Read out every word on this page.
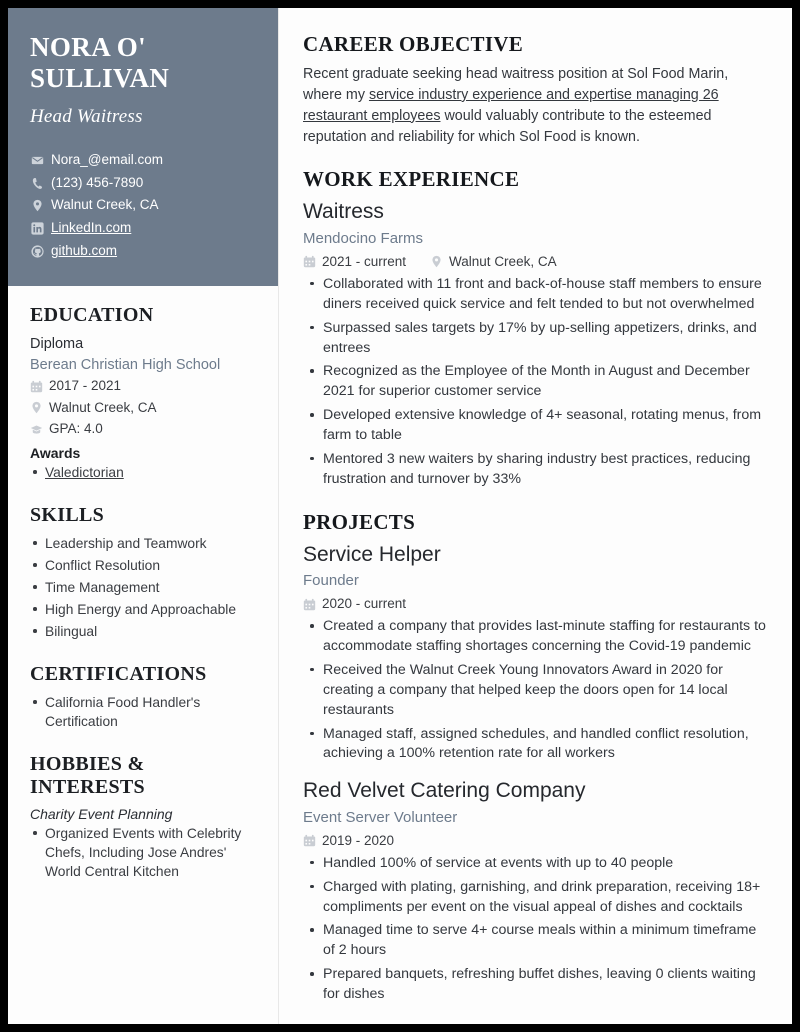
NORA O' SULLIVAN
Head Waitress
Nora_@email.com
(123) 456-7890
Walnut Creek, CA
LinkedIn.com
github.com
EDUCATION
Diploma
Berean Christian High School
2017 - 2021
Walnut Creek, CA
GPA: 4.0
Awards
Valedictorian
SKILLS
Leadership and Teamwork
Conflict Resolution
Time Management
High Energy and Approachable
Bilingual
CERTIFICATIONS
California Food Handler's Certification
HOBBIES & INTERESTS
Charity Event Planning
Organized Events with Celebrity Chefs, Including Jose Andres' World Central Kitchen
CAREER OBJECTIVE
Recent graduate seeking head waitress position at Sol Food Marin, where my service industry experience and expertise managing 26 restaurant employees would valuably contribute to the esteemed reputation and reliability for which Sol Food is known.
WORK EXPERIENCE
Waitress
Mendocino Farms
2021 - current	Walnut Creek, CA
Collaborated with 11 front and back-of-house staff members to ensure diners received quick service and felt tended to but not overwhelmed
Surpassed sales targets by 17% by up-selling appetizers, drinks, and entrees
Recognized as the Employee of the Month in August and December 2021 for superior customer service
Developed extensive knowledge of 4+ seasonal, rotating menus, from farm to table
Mentored 3 new waiters by sharing industry best practices, reducing frustration and turnover by 33%
PROJECTS
Service Helper
Founder
2020 - current
Created a company that provides last-minute staffing for restaurants to accommodate staffing shortages concerning the Covid-19 pandemic
Received the Walnut Creek Young Innovators Award in 2020 for creating a company that helped keep the doors open for 14 local restaurants
Managed staff, assigned schedules, and handled conflict resolution, achieving a 100% retention rate for all workers
Red Velvet Catering Company
Event Server Volunteer
2019 - 2020
Handled 100% of service at events with up to 40 people
Charged with plating, garnishing, and drink preparation, receiving 18+ compliments per event on the visual appeal of dishes and cocktails
Managed time to serve 4+ course meals within a minimum timeframe of 2 hours
Prepared banquets, refreshing buffet dishes, leaving 0 clients waiting for dishes
